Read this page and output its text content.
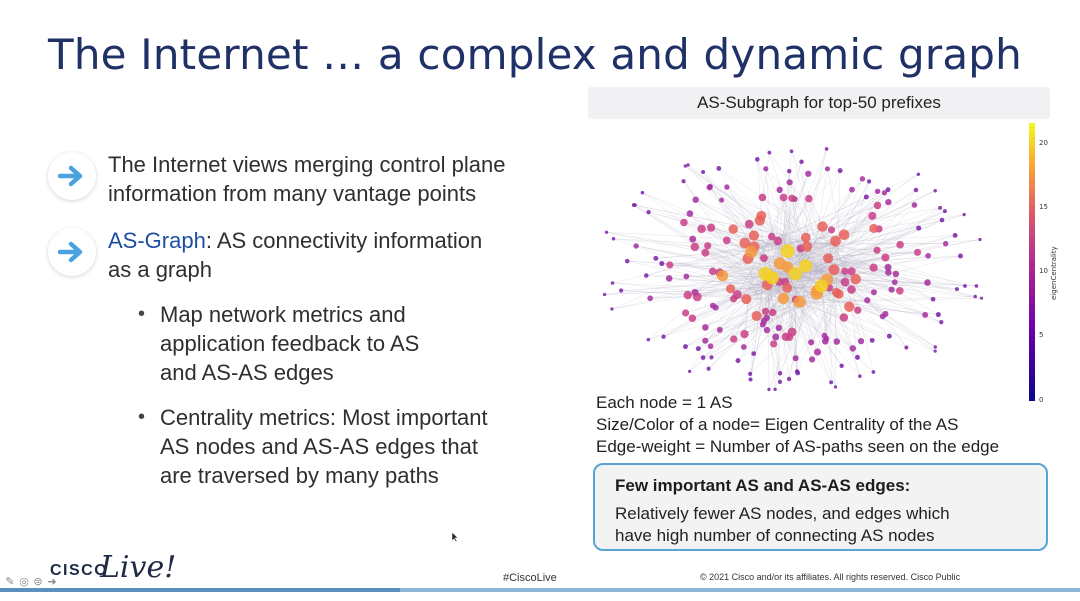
The Internet … a complex and dynamic graph
The Internet views merging control plane
information from many vantage points
AS-Graph: AS connectivity information
as a graph
• Map network metrics and
application feedback to AS
and AS-AS edges
• Centrality metrics: Most important
AS nodes and AS-AS edges that
are traversed by many paths
AS-Subgraph for top-50 prefixes
20
15
10
5
0
eigenCentrality
Each node = 1 AS
Size/Color of a node= Eigen Centrality of the AS
Edge-weight = Number of AS-paths seen on the edge
Few important AS and AS-AS edges:
Relatively fewer AS nodes, and edges which
have high number of connecting AS nodes
✎ ◎ ⊜ ➜
CISCO
Live!	#CiscoLive	© 2021 Cisco and/or its affiliates. All rights reserved. Cisco Public
